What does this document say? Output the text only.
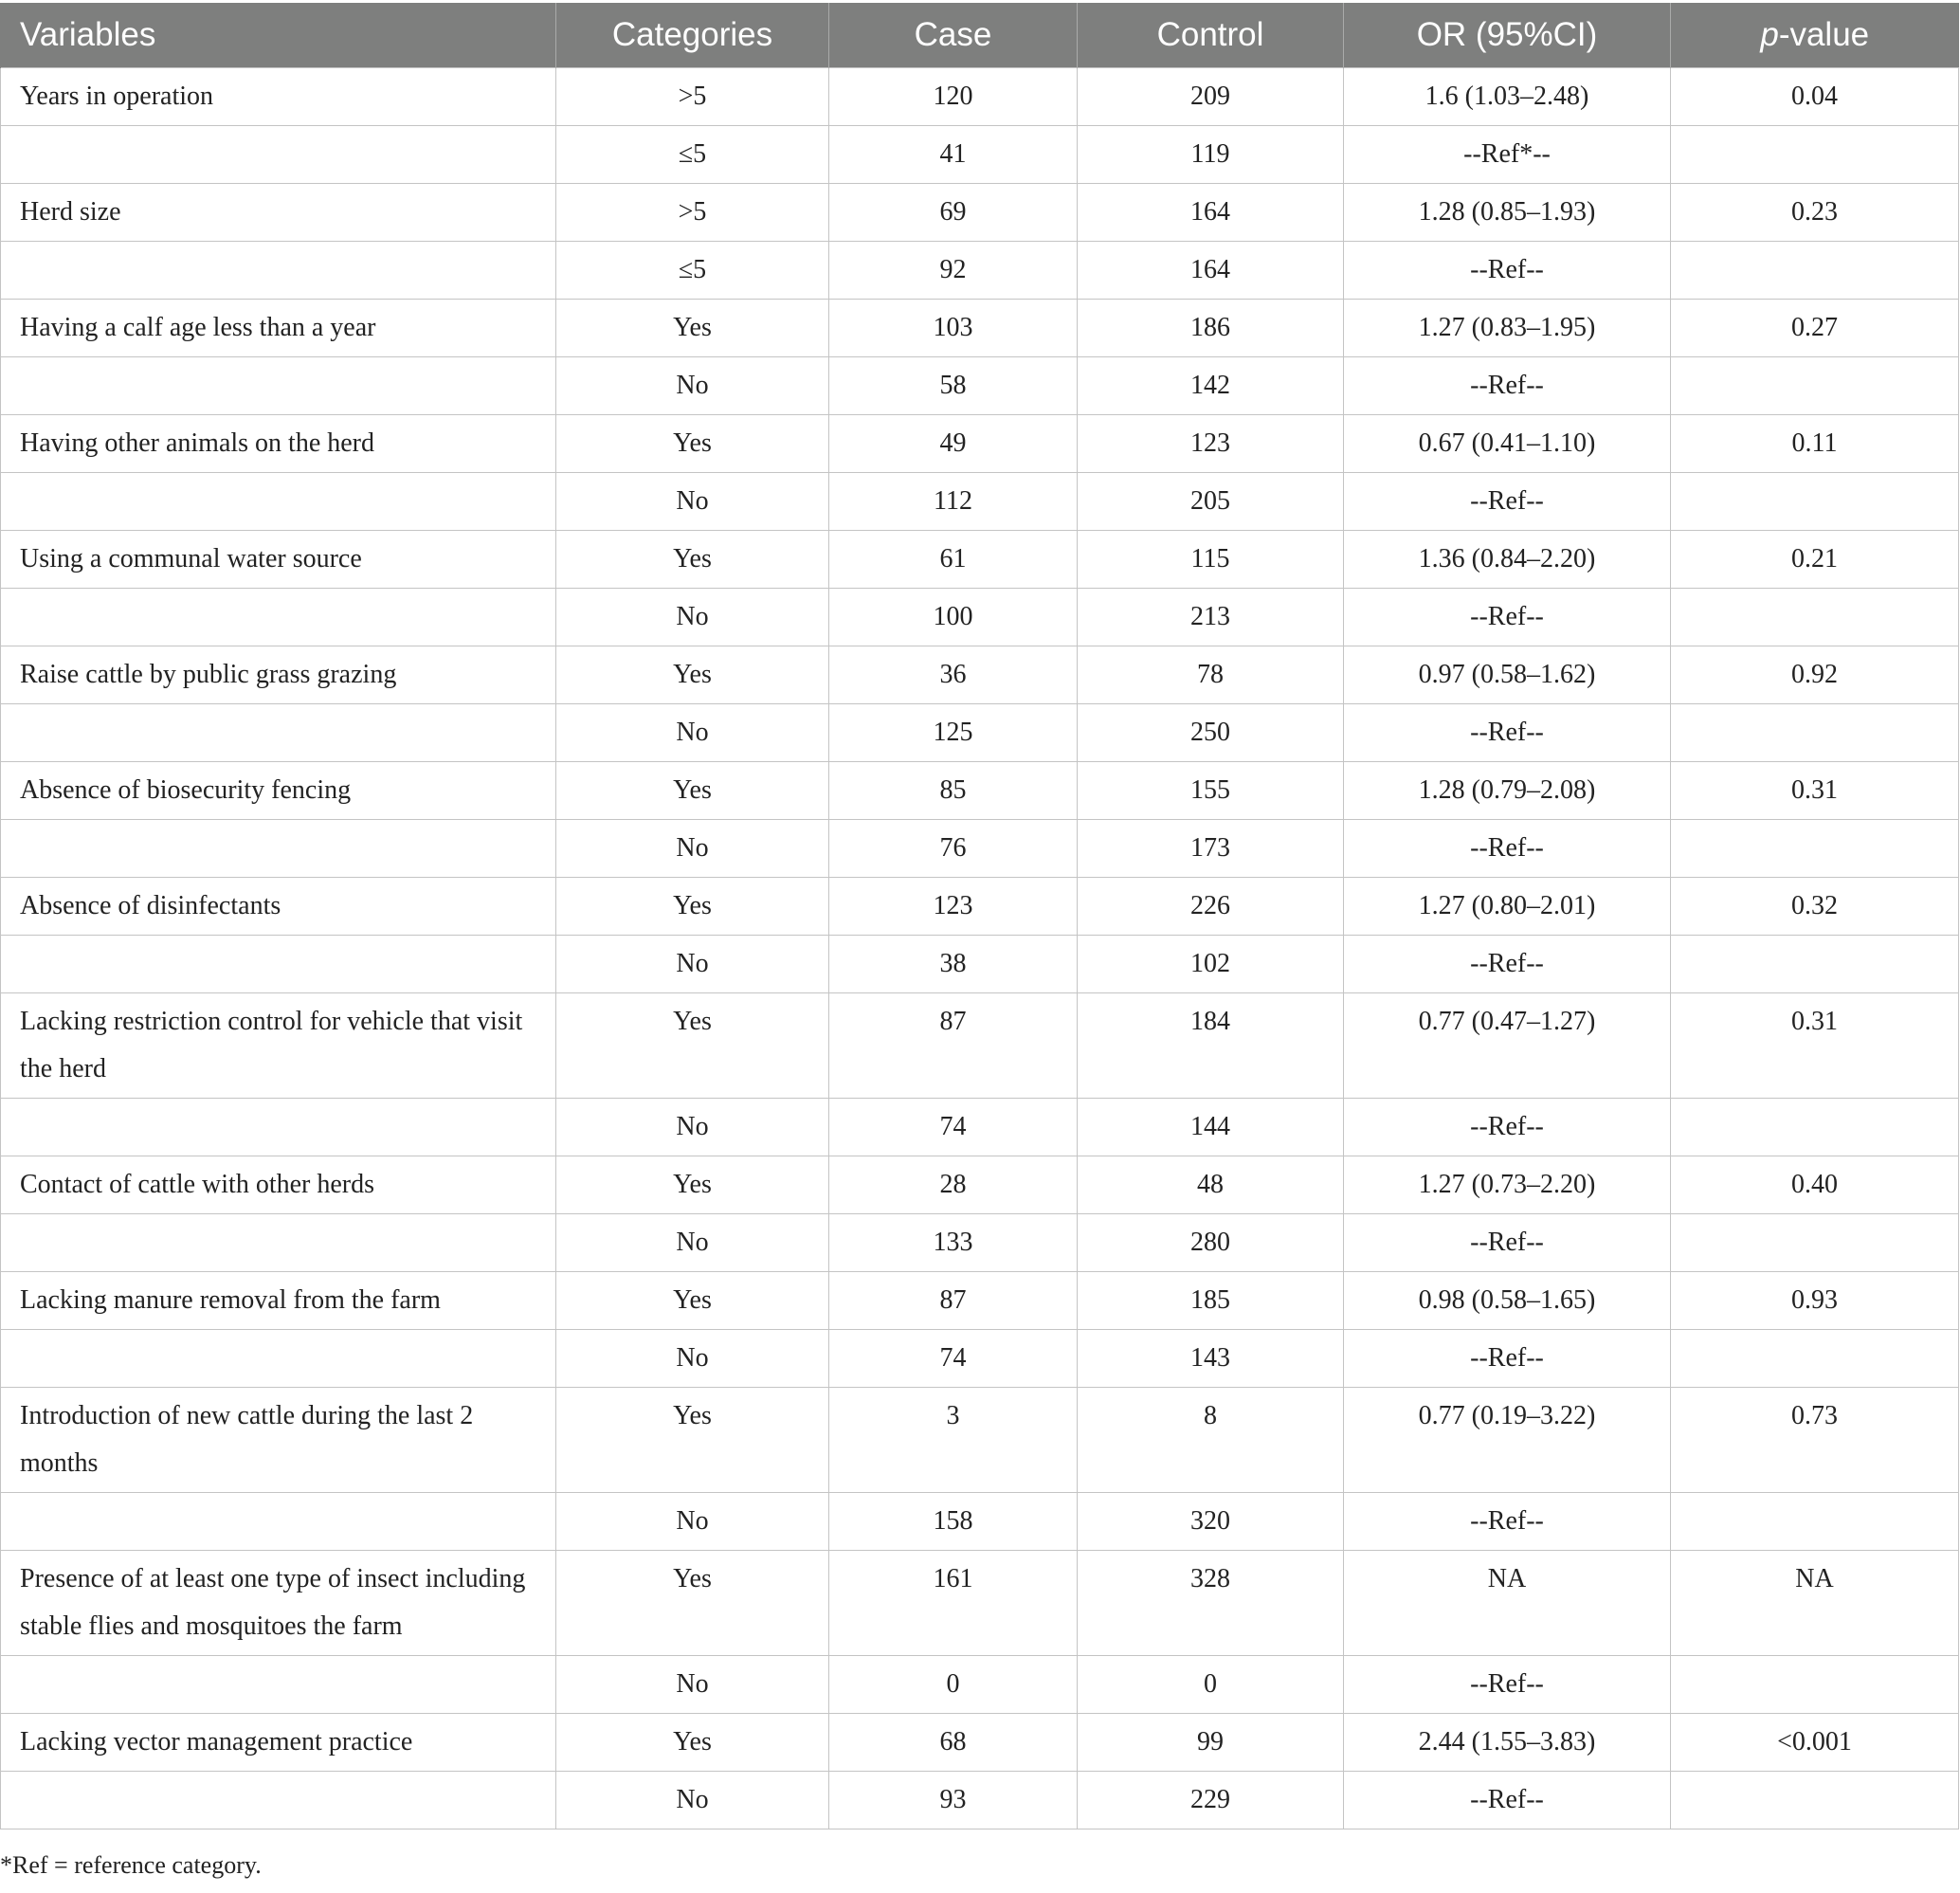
Variables	Categories	Case	Control	OR (95%CI)	p-value
Years in operation	>5	120	209	1.6 (1.03–2.48)	0.04
	≤5	41	119	--Ref*--	
Herd size	>5	69	164	1.28 (0.85–1.93)	0.23
	≤5	92	164	--Ref--	
Having a calf age less than a year	Yes	103	186	1.27 (0.83–1.95)	0.27
	No	58	142	--Ref--	
Having other animals on the herd	Yes	49	123	0.67 (0.41–1.10)	0.11
	No	112	205	--Ref--	
Using a communal water source	Yes	61	115	1.36 (0.84–2.20)	0.21
	No	100	213	--Ref--	
Raise cattle by public grass grazing	Yes	36	78	0.97 (0.58–1.62)	0.92
	No	125	250	--Ref--	
Absence of biosecurity fencing	Yes	85	155	1.28 (0.79–2.08)	0.31
	No	76	173	--Ref--	
Absence of disinfectants	Yes	123	226	1.27 (0.80–2.01)	0.32
	No	38	102	--Ref--	
Lacking restriction control for vehicle that visit the herd	Yes	87	184	0.77 (0.47–1.27)	0.31
	No	74	144	--Ref--	
Contact of cattle with other herds	Yes	28	48	1.27 (0.73–2.20)	0.40
	No	133	280	--Ref--	
Lacking manure removal from the farm	Yes	87	185	0.98 (0.58–1.65)	0.93
	No	74	143	--Ref--	
Introduction of new cattle during the last 2 months	Yes	3	8	0.77 (0.19–3.22)	0.73
	No	158	320	--Ref--	
Presence of at least one type of insect including stable flies and mosquitoes the farm	Yes	161	328	NA	NA
	No	0	0	--Ref--	
Lacking vector management practice	Yes	68	99	2.44 (1.55–3.83)	<0.001
	No	93	229	--Ref--	
*Ref = reference category.
